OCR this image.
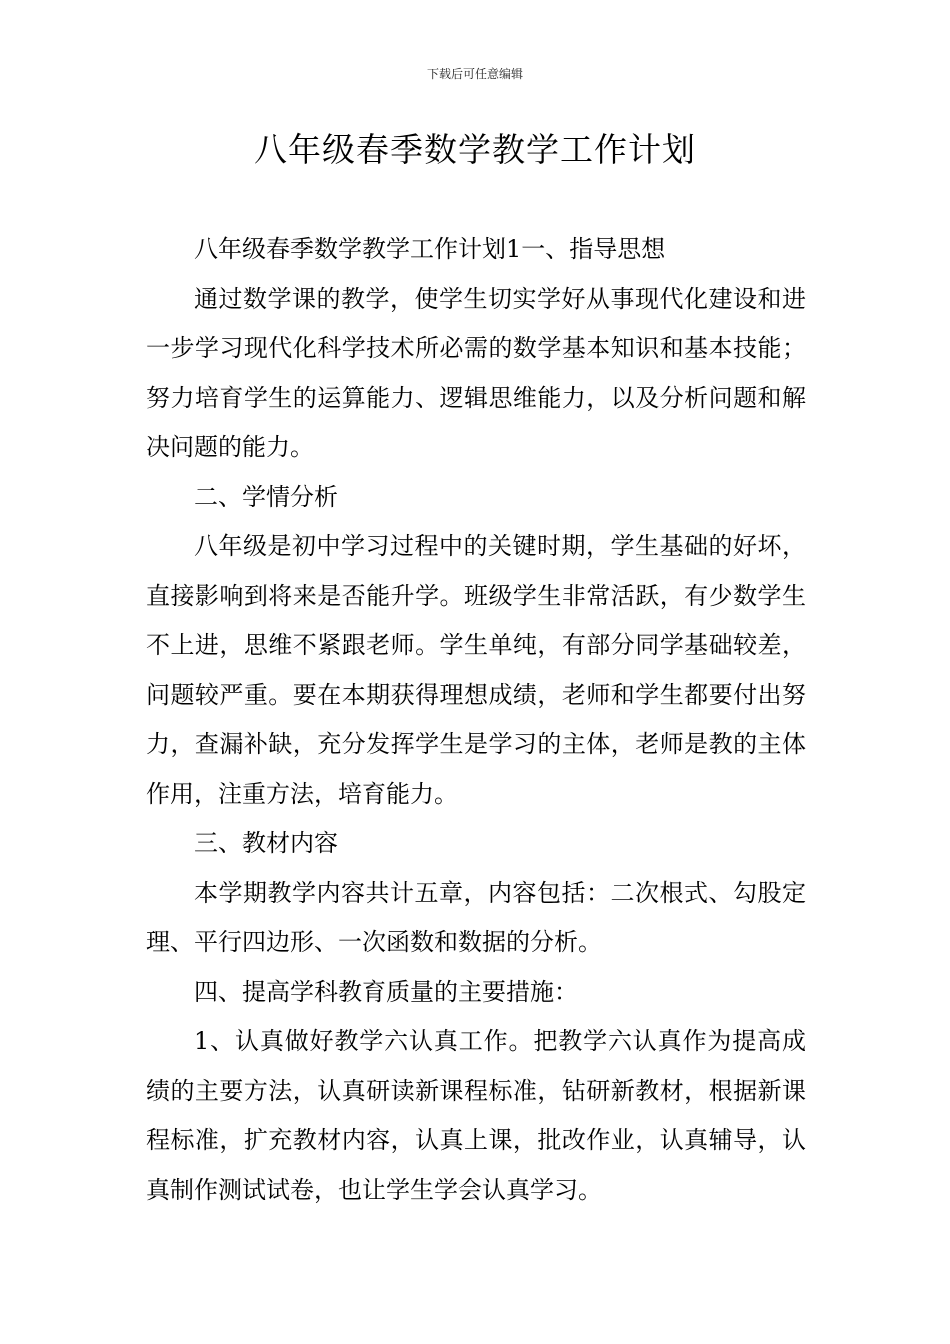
下载后可任意编辑
八年级春季数学教学工作计划

八年级春季数学教学工作计划1一、指导思想

通过数学课的教学，使学生切实学好从事现代化建设和进一步学习现代化科学技术所必需的数学基本知识和基本技能；努力培育学生的运算能力、逻辑思维能力，以及分析问题和解决问题的能力。

二、学情分析

八年级是初中学习过程中的关键时期，学生基础的好坏，直接影响到将来是否能升学。班级学生非常活跃，有少数学生不上进，思维不紧跟老师。学生单纯，有部分同学基础较差，问题较严重。要在本期获得理想成绩，老师和学生都要付出努力，查漏补缺，充分发挥学生是学习的主体，老师是教的主体作用，注重方法，培育能力。

三、教材内容

本学期教学内容共计五章，内容包括：二次根式、勾股定理、平行四边形、一次函数和数据的分析。

四、提高学科教育质量的主要措施：

1、认真做好教学六认真工作。把教学六认真作为提高成绩的主要方法，认真研读新课程标准，钻研新教材，根据新课程标准，扩充教材内容，认真上课，批改作业，认真辅导，认真制作测试试卷，也让学生学会认真学习。
